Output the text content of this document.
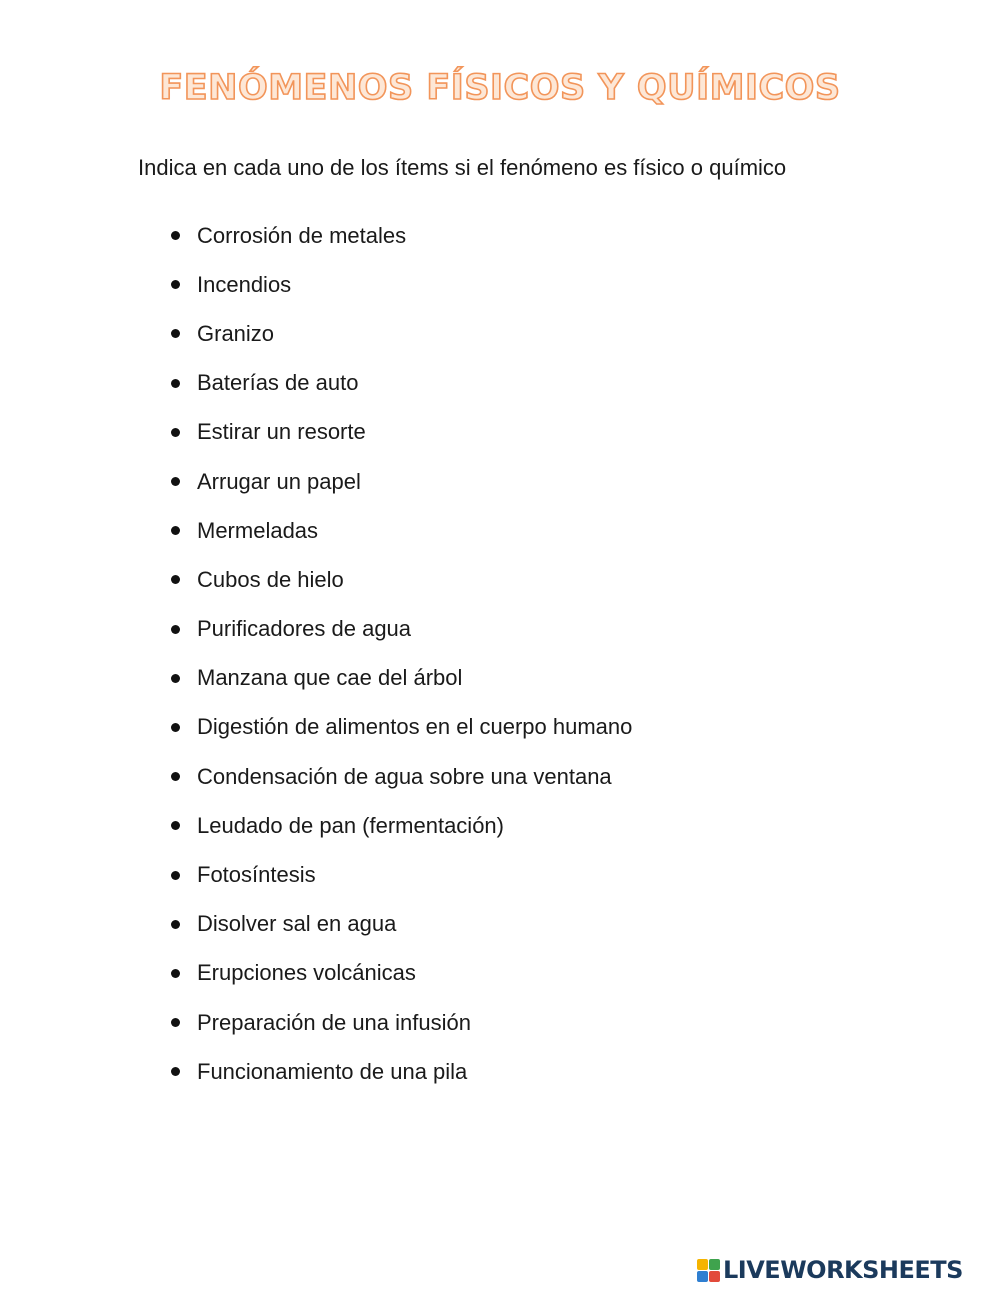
FENÓMENOS FÍSICOS Y QUÍMICOS

Indica en cada uno de los ítems si el fenómeno es físico o químico

Corrosión de metales
Incendios
Granizo
Baterías de auto
Estirar un resorte
Arrugar un papel
Mermeladas
Cubos de hielo
Purificadores de agua
Manzana que cae del árbol
Digestión de alimentos en el cuerpo humano
Condensación de agua sobre una ventana
Leudado de pan (fermentación)
Fotosíntesis
Disolver sal en agua
Erupciones volcánicas
Preparación de una infusión
Funcionamiento de una pila
LIVEWORKSHEETS
